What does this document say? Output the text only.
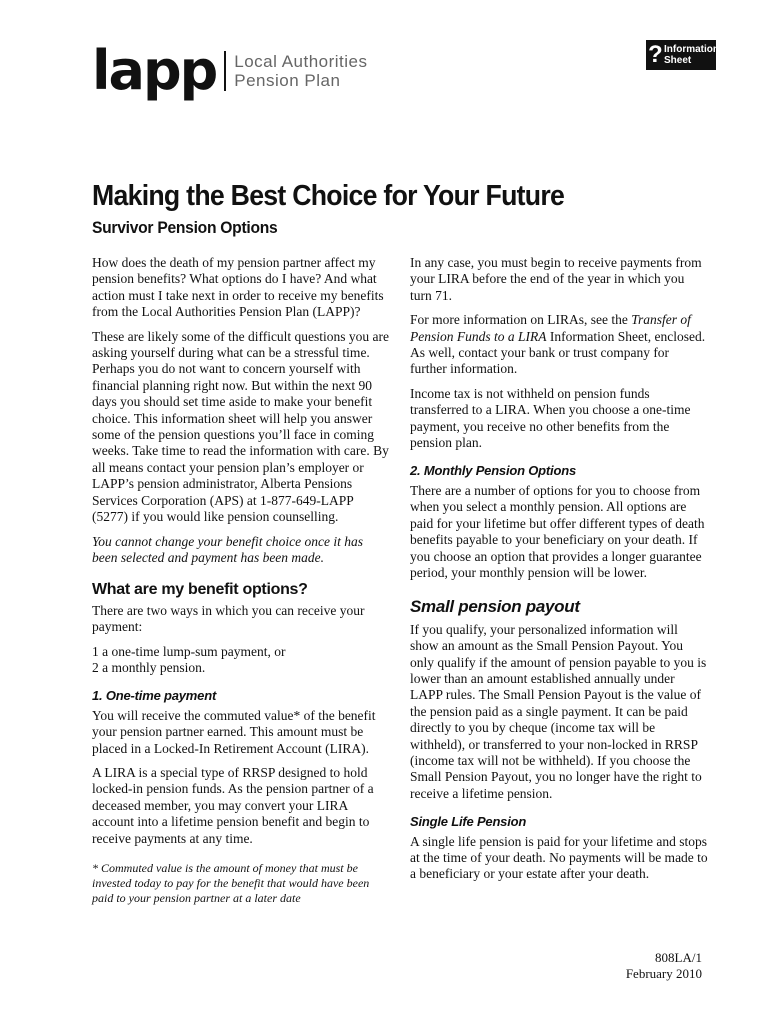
lapp Local Authorities
Pension Plan
? Information
Sheet
Making the Best Choice for Your Future
Survivor Pension Options

How does the death of my pension partner affect my pension benefits? What options do I have? And what action must I take next in order to receive my benefits from the Local Authorities Pension Plan (LAPP)?

These are likely some of the difficult questions you are asking yourself during what can be a stressful time. Perhaps you do not want to concern yourself with financial planning right now. But within the next 90 days you should set time aside to make your benefit choice. This information sheet will help you answer some of the pension questions you’ll face in coming weeks. Take time to read the information with care. By all means contact your pension plan’s employer or LAPP’s pension administrator, Alberta Pensions Services Corporation (APS) at 1-877-649-LAPP (5277) if you would like pension counselling.

You cannot change your benefit choice once it has been selected and payment has been made.

What are my benefit options?

There are two ways in which you can receive your payment:

1 a one-time lump-sum payment, or
2 a monthly pension.
1. One-time payment

You will receive the commuted value* of the benefit your pension partner earned. This amount must be placed in a Locked-In Retirement Account (LIRA).

A LIRA is a special type of RRSP designed to hold locked-in pension funds. As the pension partner of a deceased member, you may convert your LIRA account into a lifetime pension benefit and begin to receive payments at any time.

* Commuted value is the amount of money that must be invested today to pay for the benefit that would have been paid to your pension partner at a later date

In any case, you must begin to receive payments from your LIRA before the end of the year in which you turn 71.

For more information on LIRAs, see the Transfer of Pension Funds to a LIRA Information Sheet, enclosed. As well, contact your bank or trust company for further information.

Income tax is not withheld on pension funds transferred to a LIRA. When you choose a one-time payment, you receive no other benefits from the pension plan.

2. Monthly Pension Options

There are a number of options for you to choose from when you select a monthly pension. All options are paid for your lifetime but offer different types of death benefits payable to your beneficiary on your death. If you choose an option that provides a longer guarantee period, your monthly pension will be lower.

Small pension payout

If you qualify, your personalized information will show an amount as the Small Pension Payout. You only qualify if the amount of pension payable to you is lower than an amount established annually under LAPP rules. The Small Pension Payout is the value of the pension paid as a single payment. It can be paid directly to you by cheque (income tax will be withheld), or transferred to your non-locked in RRSP (income tax will not be withheld). If you choose the Small Pension Payout, you no longer have the right to receive a lifetime pension.

Single Life Pension

A single life pension is paid for your lifetime and stops at the time of your death. No payments will be made to a beneficiary or your estate after your death.

808LA/1
February 2010
